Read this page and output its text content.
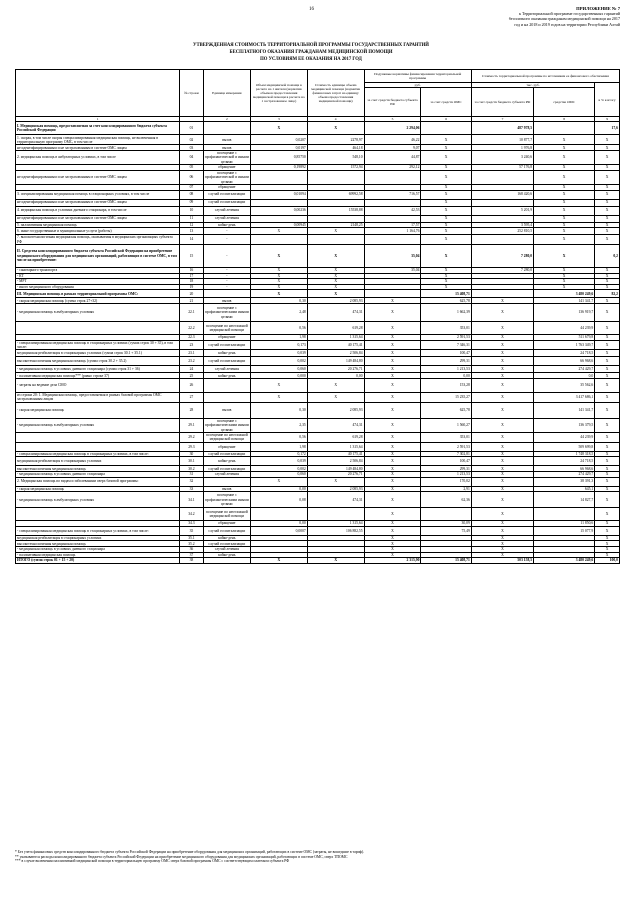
16	ПРИЛОЖЕНИЕ № 7
к Территориальной программе государственных гарантий
бесплатного оказания гражданам медицинской помощи на 2017
год и на 2018 и 2019 годов на территории Республики Алтай
УТВЕРЖДЕННАЯ СТОИМОСТЬ ТЕРРИТОРИАЛЬНОЙ ПРОГРАММЫ ГОСУДАРСТВЕННЫХ ГАРАНТИЙ
БЕСПЛАТНОГО ОКАЗАНИЯ ГРАЖДАНАМ МЕДИЦИНСКОЙ ПОМОЩИ
ПО УСЛОВИЯМ ЕЕ ОКАЗАНИЯ НА 2017 ГОД
	№ строки	Единица измерения	Объем медицинской помощи в расчете на 1 жителя (норматив объемов предоставления медицинской помощи в расчете на 1 застрахованное лицо)	Стоимость единицы объема медицинской помощи (норматив финансовых затрат на единицу объема предоставления медицинской помощи)	Подушевые нормативы финансирования территориальной программы		Стоимость территориальной программы по источникам ее финансового обеспечения		
					руб.		тыс. руб.		в % к итогу
					за счет средств бюджета субъекта РФ	за счет средств ОМС	за счет средств бюджета субъекта РФ	средства ОМС	
1		2	3	4	5	6	7	8	9
I. Медицинская помощь, предоставляемая за счет консолидированного бюджета субъекта Российской Федерации	01		X	X	2 294,06		487 978,5		17,6
1. скорая, в том числе скорая специализированная медицинская помощь, не включенная в территориальную программу ОМС, в том числе	02	вызов	0,0207	2278,97	46,22	X	10 877,7	X	X
не идентифицированным и не застрахованным в системе ОМС лицам	03	вызов	0,0197	464,18	9,07	X	1 976,8	X	X
2. медицинская помощь в амбулаторных условиях, в том числе	04	посещение с профилактической и иными целями	0,85750	548,10	44,87	X	3 240,6	X	X
	05	обращение	0,19892	1572,94	292,12	X	57 176,8	X	X
не идентифицированным и не застрахованным в системе ОМС лицам	06	посещение с профилактической и иными целями				X		X	X
	07	обращение				X		X	X
3. специализированная медицинская помощь в стационарных условиях, в том числе	08	случай госпитализации	0,01094	69992,58	716,57	X	168 420,6	X	X
не идентифицированным и не застрахованным в системе ОМС лицам	09	случай госпитализации				X		X	X
4. медицинская помощь в условиях дневного стационара, в том числе	10	случай лечения	0,00236	15538,88	42,53	X	5 201,9	X	X
не идентифицированным и не застрахованным в системе ОМС лицам	11	случай лечения				X		X	X
5. паллиативная медицинская помощь	12	койко-день	0,00945	2148,25	17,57	X	3 595,4	X	X
6. иные государственные и муниципальные услуги (работы)	13	-	X	X	1 164,76	X	252 810,5	X	X
7. высокотехнологичная медицинская помощь, оказываемая в медицинских организациях субъекта РФ	14	-				X		X	X
II. Средства консолидированного бюджета субъекта Российской Федерации на приобретение медицинского оборудования для медицинских организаций, работающих в системе ОМС, в том числе на приобретение:	15	-	X	X	35,04	X	7 280,0	X	0,2
- санитарного транспорта	16	-	X	X	35,04	X	7 280,0	X	X
- КТ	17	-	X	X		X		X	X
- МРТ	18	-	X	X		X		X	X
- иного медицинского оборудования	19	-	X	X		X		X	X
III. Медицинская помощь в рамках территориальной программы ОМС:	20		X	X		15 408,71		3 480 249,6	82,2
- скорая медицинская помощь (сумма строк 27+32)	21	вызов	0,30	2 085,93	X	625,78	X	141 341,7	X
- медицинская помощь в амбулаторных условиях	22.1	посещение с профилактическими иными целями	2,48	474,31	X	1 662,39	X	136 919,7	X
	22.2	посещение по неотложной медицинской помощи	0,56	619,28	X	353,01	X	44 239,9	X
	22.3	обращение	1,98	1 315,64	X	2 591,53	X	511 679,8	X
- специализированная медицинская помощь в стационарных условиях (сумма строк 30 + 35), в том числе:	23	случай госпитализации	0,173	40 175,41	X	7 346,31	X	1 763 349,7	X
медицинская реабилитация в стационарных условиях (сумма строк 30.1 + 35.1)	23.1	койко-день	0,039	2 506,84	X	100,47	X	24 718,5	X
высокотехнологичная медицинская помощь (сумма строк 30.2 + 35.2)	23.2	случай госпитализации	0,002	149 484,80	X	299,31	X	66 968,6	X
- медицинская помощь в условиях дневного стационара (сумма строк 31 + 36)	24	случай лечения	0,060	20 276,71	X	1 213,53	X	274 429,7	X
- паллиативная медицинская помощь*** (равно строке 37)	25	койко-день	0,000	0,00	X	0,00	X	0,0	X
- затраты на ведение дела СМО	26		X	X	X	153,28	X	35 562,6	X
из строки 20: 1. Медицинская помощь, предоставляемая в рамках базовой программы ОМС застрахованным лицам	27		X	X	X	15 235,27	X	3 417 686,1	X
- скорая медицинская помощь	28	вызов	0,30	2 085,93	X	625,78	X	141 341,7	X
- медицинская помощь в амбулаторных условиях	29.1	посещение с профилактическими иными целями	2,35	474,31	X	1 560,27	X	136 379,5	X
	29.2	посещение по неотложной медицинской помощи	0,56	619,28	X	353,01	X	44 239,9	X
	29.3	обращение	1,98	1 315,64	X	2 591,53	X	509 699,8	X
- специализированная медицинская помощь в стационарных условиях, в том числе:	30	случай госпитализации	0,172	40 175,41	X	7 302,81	X	1 748 318,5	X
медицинская реабилитация в стационарных условиях	30.1	койко-день	0,039	2 506,84	X	100,47	X	24 718,5	X
высокотехнологичная медицинская помощь	30.2	случай госпитализации	0,002	149 484,80	X	299,31	X	66 968,6	X
- медицинская помощь в условиях дневного стационара	31	случай лечения	0,060	20 276,71	X	1 213,53	X	274 429,7	X
2. Медицинская помощь по видам и заболеваниям сверх базовой программы:	32		X	X	X	170,02	X	38 391,3	X
- скорая медицинская помощь	33	вызов	0,00	2 085,93	X	2,91	X	645,1	X
- медицинская помощь в амбулаторных условиях	34.1	посещение с профилактическими иными целями	0,08	474,31	X	62,36	X	14 827,7	X
	34.2	посещение по неотложной медицинской помощи			X		X		X
	34.3	обращение	0,00	1 315,64	X	30,09	X	11 850,6	X
- специализированная медицинская помощь в стационарных условиях, в том числе:	35	случай госпитализации	0,0007	106 882,55	X	75,49	X	15 077,9	X
медицинская реабилитация в стационарных условиях	35.1	койко-день			X		X		X
высокотехнологичная медицинская помощь	35.2	случай госпитализации			X		X		X
- медицинская помощь в условиях дневного стационара	36	случай лечения			X		X		X
- паллиативная медицинская помощь	37	койко-день			X		X		X
ИТОГО (сумма строк 01 + 15 + 20)	38		X	X	2 315,90	15 408,71	503 158,5	3 480 249,6	100,0
* Без учета финансовых средств консолидированного бюджета субъекта Российской Федерации на приобретение оборудования для медицинских организаций, работающих в системе ОМС (затраты, не вошедшие в тариф).
** указываются расходы консолидированного бюджета субъекта Российской Федерации на приобретение медицинского оборудования для медицинских организаций, работающих в системе ОМС, сверх ТПОМС
*** в случае включения паллиативной медицинской помощи в территориальную программу ОМС сверх базовой программы ОМС с соответствующим платежом субъекта РФ
